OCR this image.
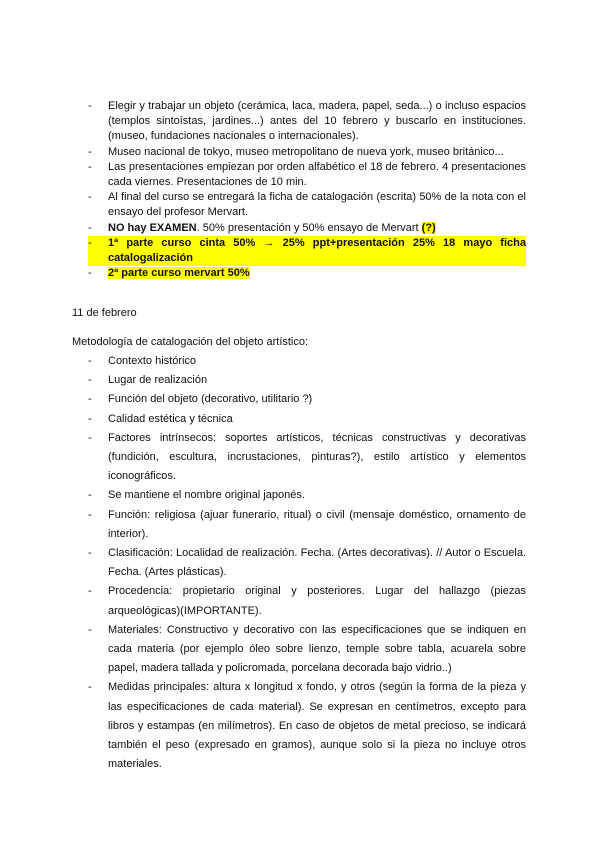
- Elegir y trabajar un objeto (cerámica, laca, madera, papel, seda...) o incluso espacios (templos sintoístas, jardines...) antes del 10 febrero y buscarlo en instituciones. (museo, fundaciones nacionales o internacionales).
- Museo nacional de tokyo, museo metropolitano de nueva york, museo británico...
- Las presentaciones empiezan por orden alfabético el 18 de febrero. 4 presentaciones cada viernes. Presentaciones de 10 min.
- Al final del curso se entregará la ficha de catalogación (escrita) 50% de la nota con el ensayo del profesor Mervart.
- NO hay EXAMEN. 50% presentación y 50% ensayo de Mervart (?)
- 1ª parte curso cinta 50% → 25% ppt+presentación 25% 18 mayo ficha catalogalización
- 2ª parte curso mervart 50%
11 de febrero
Metodología de catalogación del objeto artístico:
- Contexto histórico
- Lugar de realización
- Función del objeto (decorativo, utilitario ?)
- Calidad estética y técnica
- Factores intrínsecos: soportes artísticos, técnicas constructivas y decorativas (fundición, escultura, incrustaciones, pinturas?), estilo artístico y elementos iconográficos.
- Se mantiene el nombre original japonés.
- Función: religiosa (ajuar funerario, ritual) o civil (mensaje doméstico, ornamento de interior).
- Clasificación: Localidad de realización. Fecha. (Artes decorativas). // Autor o Escuela. Fecha. (Artes plásticas).
- Procedencia: propietario original y posteriores. Lugar del hallazgo (piezas arqueológicas)(IMPORTANTE).
- Materiales: Constructivo y decorativo con las especificaciones que se indiquen en cada materia (por ejemplo óleo sobre lienzo, temple sobre tabla, acuarela sobre papel, madera tallada y policromada, porcelana decorada bajo vidrio..)
- Medidas principales: altura x longitud x fondo, y otros (según la forma de la pieza y las especificaciones de cada material). Se expresan en centímetros, excepto para libros y estampas (en milímetros). En caso de objetos de metal precioso, se indicará también el peso (expresado en gramos), aunque solo si la pieza no incluye otros materiales.
